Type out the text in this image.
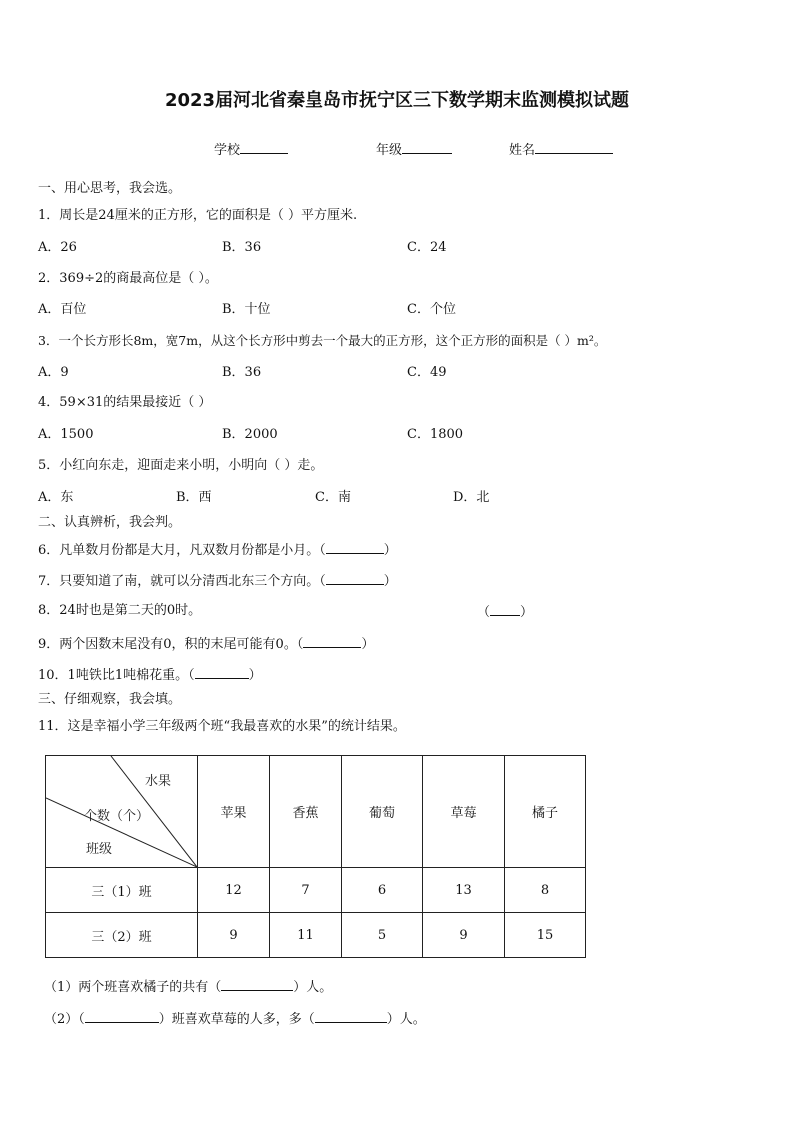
2023届河北省秦皇岛市抚宁区三下数学期末监测模拟试题
学校	年级	姓名
一、用心思考，我会选。
1．周长是24厘米的正方形，它的面积是（ ）平方厘米.
A．26	B．36	C．24
2．369÷2的商最高位是（ ）。
A．百位	B．十位	C．个位
3．一个长方形长8m，宽7m，从这个长方形中剪去一个最大的正方形，这个正方形的面积是（ ）m²。
A．9	B．36	C．49
4．59×31的结果最接近（ ）
A．1500	B．2000	C．1800
5．小红向东走，迎面走来小明，小明向（ ）走。
A．东	B．西	C．南	D．北
二、认真辨析，我会判。
6．凡单数月份都是大月，凡双数月份都是小月。（	）
7．只要知道了南，就可以分清西北东三个方向。（	）
8．24时也是第二天的0时。	（ ）
9．两个因数末尾没有0，积的末尾可能有0。（	）
10．1吨铁比1吨棉花重。（	）
三、仔细观察，我会填。
11．这是幸福小学三年级两个班“我最喜欢的水果”的统计结果。
水果
个数（个）
班级	苹果	香蕉	葡萄	草莓	橘子
三（1）班	12	7	6	13	8
三（2）班	9	11	5	9	15
（1）两个班喜欢橘子的共有（	）人。
（2）（	）班喜欢草莓的人多，多（	）人。
